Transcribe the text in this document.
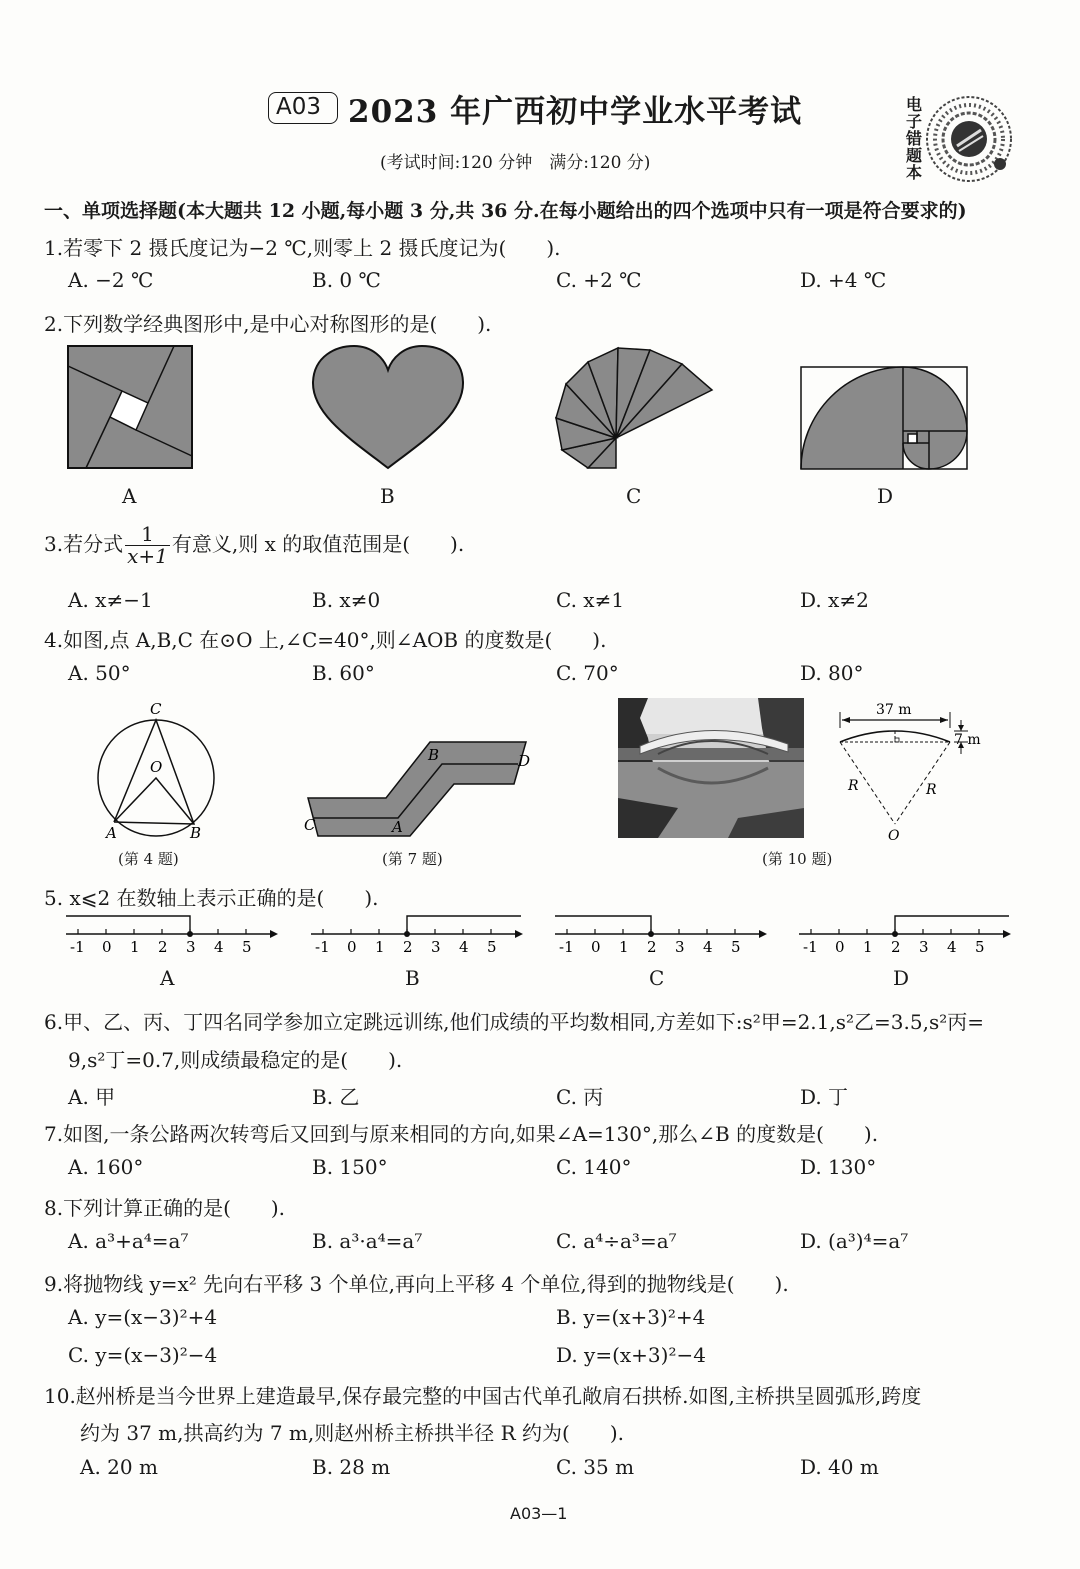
A03 2023 年广西初中学业水平考试
(考试时间:120 分钟　满分:120 分)
电子错题本
一、单项选择题(本大题共 12 小题,每小题 3 分,共 36 分.在每小题给出的四个选项中只有一项是符合要求的)
1.若零下 2 摄氏度记为−2 ℃,则零上 2 摄氏度记为(　　).
A. −2 ℃	B. 0 ℃	C. +2 ℃	D. +4 ℃
2.下列数学经典图形中,是中心对称图形的是(　　).
A	B	C	D
3.若分式 $\frac{1}{x+1}$ 有意义,则 x 的取值范围是(　　).
A. x≠−1	B. x≠0	C. x≠1	D. x≠2
4.如图,点 A,B,C 在⊙O 上,∠C=40°,则∠AOB 的度数是(　　).
A. 50°	B. 60°	C. 70°	D. 80°
C
O
A	B
(第 4 题)
B	D
C	A
(第 7 题)
37 m
7 m
R	R
O
(第 10 题)
5. x⩽2 在数轴上表示正确的是(　　).
-1 0 1 2 3 4 5	-1 0 1 2 3 4 5	-1 0 1 2 3 4 5	-1 0 1 2 3 4 5
A	B	C	D
6.甲、乙、丙、丁四名同学参加立定跳远训练,他们成绩的平均数相同,方差如下:s²甲=2.1,s²乙=3.5,s²丙=
9,s²丁=0.7,则成绩最稳定的是(　　).
A. 甲	B. 乙	C. 丙	D. 丁
7.如图,一条公路两次转弯后又回到与原来相同的方向,如果∠A=130°,那么∠B 的度数是(　　).
A. 160°	B. 150°	C. 140°	D. 130°
8.下列计算正确的是(　　).
A. a³+a⁴=a⁷	B. a³·a⁴=a⁷	C. a⁴÷a³=a⁷	D. (a³)⁴=a⁷
9.将抛物线 y=x² 先向右平移 3 个单位,再向上平移 4 个单位,得到的抛物线是(　　).
A. y=(x−3)²+4	B. y=(x+3)²+4
C. y=(x−3)²−4	D. y=(x+3)²−4
10.赵州桥是当今世界上建造最早,保存最完整的中国古代单孔敞肩石拱桥.如图,主桥拱呈圆弧形,跨度
约为 37 m,拱高约为 7 m,则赵州桥主桥拱半径 R 约为(　　).
A. 20 m	B. 28 m	C. 35 m	D. 40 m
A03—1
